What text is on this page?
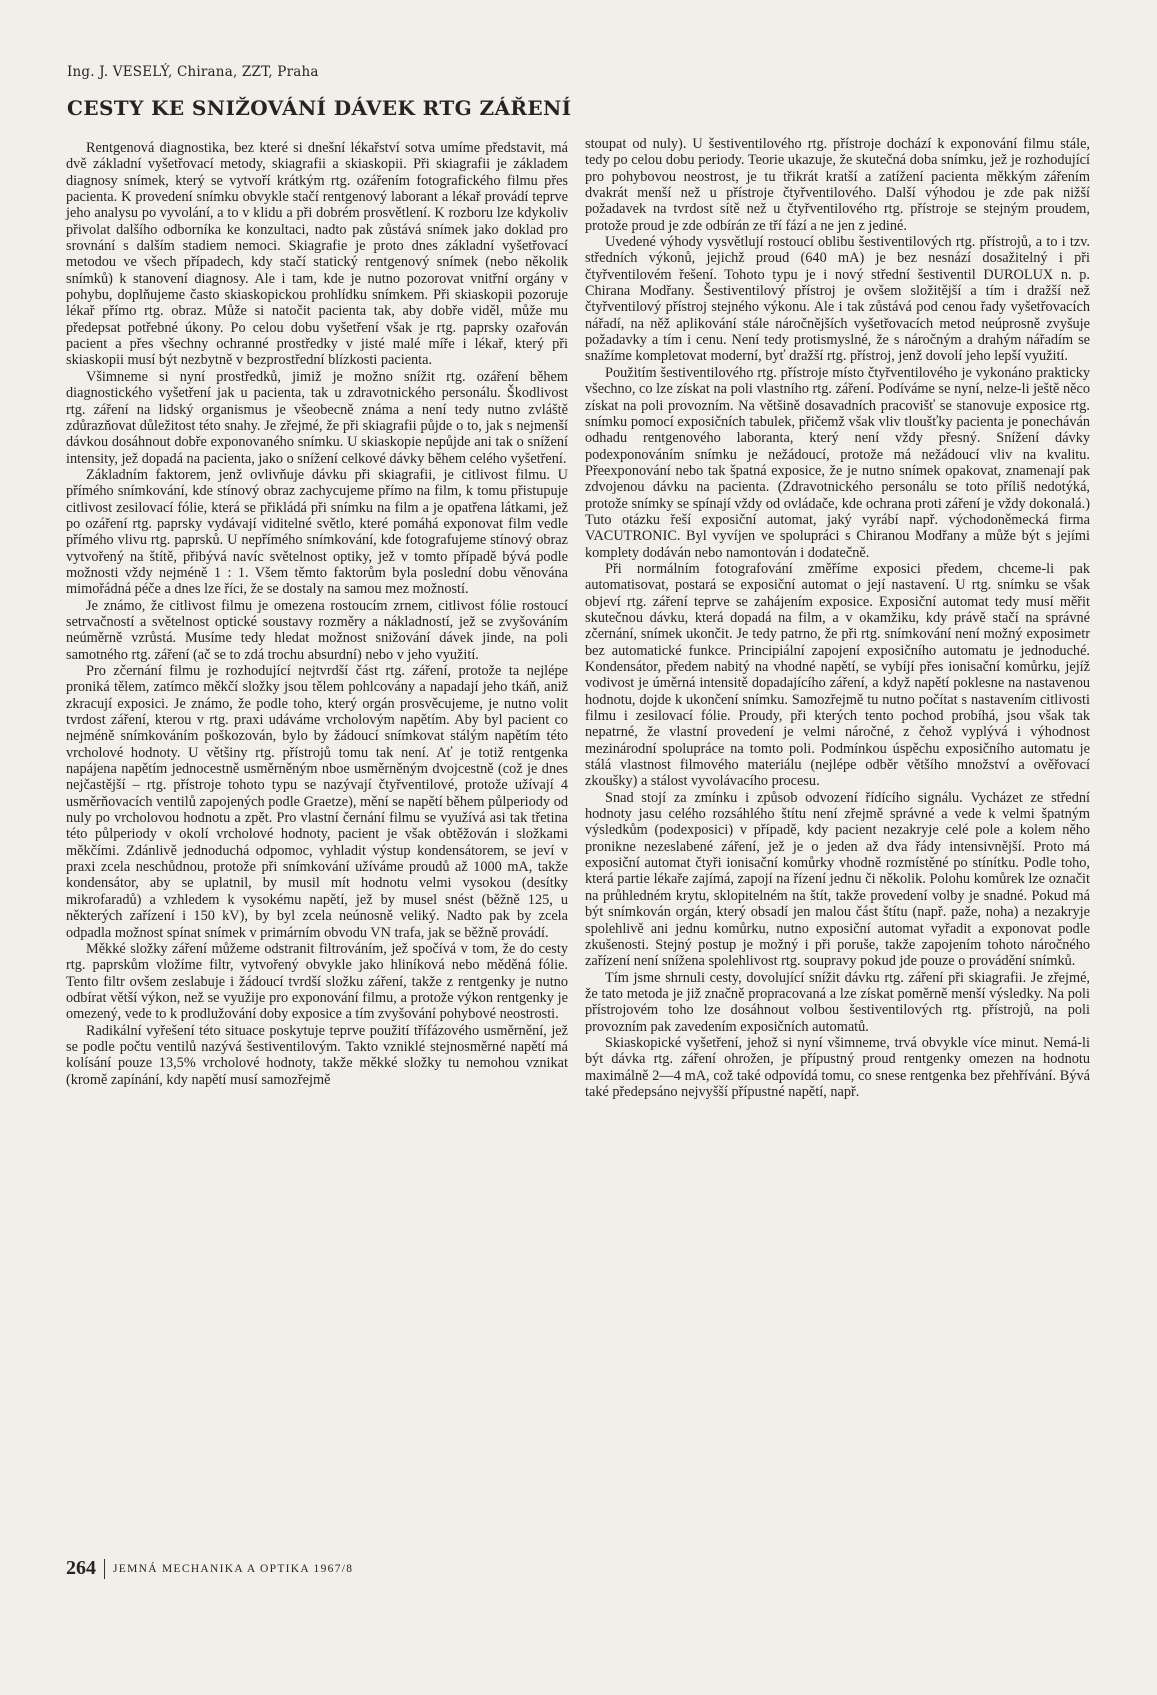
Ing. J. VESELÝ, Chirana, ZZT, Praha
CESTY KE SNIŽOVÁNÍ DÁVEK RTG ZÁŘENÍ

Rentgenová diagnostika, bez které si dnešní lékařství sotva umíme představit, má dvě základní vyšetřovací metody, skiagrafii a skiaskopii. Při skiagrafii je základem diagnosy snímek, který se vytvoří krátkým rtg. ozářením fotografického filmu přes pacienta. K provedení snímku obvykle stačí rentgenový laborant a lékař provádí teprve jeho analysu po vyvolání, a to v klidu a při dobrém prosvětlení. K rozboru lze kdykoliv přivolat dalšího odborníka ke konzultaci, nadto pak zůstává snímek jako doklad pro srovnání s dalším stadiem nemoci. Skiagrafie je proto dnes základní vyšetřovací metodou ve všech případech, kdy stačí statický rentgenový snímek (nebo několik snímků) k stanovení diagnosy. Ale i tam, kde je nutno pozorovat vnitřní orgány v pohybu, doplňujeme často skiaskopickou prohlídku snímkem. Při skiaskopii pozoruje lékař přímo rtg. obraz. Může si natočit pacienta tak, aby dobře viděl, může mu předepsat potřebné úkony. Po celou dobu vyšetření však je rtg. paprsky ozařován pacient a přes všechny ochranné prostředky v jisté malé míře i lékař, který při skiaskopii musí být nezbytně v bezprostřední blízkosti pacienta.

Všimneme si nyní prostředků, jimiž je možno snížit rtg. ozáření během diagnostického vyšetření jak u pacienta, tak u zdravotnického personálu. Škodlivost rtg. záření na lidský organismus je všeobecně známa a není tedy nutno zvláště zdůrazňovat důležitost této snahy. Je zřejmé, že při skiagrafii půjde o to, jak s nejmenší dávkou dosáhnout dobře exponovaného snímku. U skiaskopie nepůjde ani tak o snížení intensity, jež dopadá na pacienta, jako o snížení celkové dávky během celého vyšetření.

Základním faktorem, jenž ovlivňuje dávku při skiagrafii, je citlivost filmu. U přímého snímkování, kde stínový obraz zachycujeme přímo na film, k tomu přistupuje citlivost zesilovací fólie, která se přikládá při snímku na film a je opatřena látkami, jež po ozáření rtg. paprsky vydávají viditelné světlo, které pomáhá exponovat film vedle přímého vlivu rtg. paprsků. U nepřímého snímkování, kde fotografujeme stínový obraz vytvořený na štítě, přibývá navíc světelnost optiky, jež v tomto případě bývá podle možnosti vždy nejméně 1 : 1. Všem těmto faktorům byla poslední dobu věnována mimořádná péče a dnes lze říci, že se dostaly na samou mez možností.

Je známo, že citlivost filmu je omezena rostoucím zrnem, citlivost fólie rostoucí setrvačností a světelnost optické soustavy rozměry a nákladností, jež se zvyšováním neúměrně vzrůstá. Musíme tedy hledat možnost snižování dávek jinde, na poli samotného rtg. záření (ač se to zdá trochu absurdní) nebo v jeho využití.

Pro zčernání filmu je rozhodující nejtvrdší část rtg. záření, protože ta nejlépe proniká tělem, zatímco měkčí složky jsou tělem pohlcovány a napadají jeho tkáň, aniž zkracují exposici. Je známo, že podle toho, který orgán prosvěcujeme, je nutno volit tvrdost záření, kterou v rtg. praxi udáváme vrcholovým napětím. Aby byl pacient co nejméně snímkováním poškozován, bylo by žádoucí snímkovat stálým napětím této vrcholové hodnoty. U většiny rtg. přístrojů tomu tak není. Ať je totiž rentgenka napájena napětím jednocestně usměrněným nboe usměrněným dvojcestně (což je dnes nejčastější – rtg. přístroje tohoto typu se nazývají čtyřventilové, protože užívají 4 usměrňovacích ventilů zapojených podle Graetze), mění se napětí během půlperiody od nuly po vrcholovou hodnotu a zpět. Pro vlastní černání filmu se využívá asi tak třetina této půlperiody v okolí vrcholové hodnoty, pacient je však obtěžován i složkami měkčími. Zdánlivě jednoduchá odpomoc, vyhladit výstup kondensátorem, se jeví v praxi zcela neschůdnou, protože při snímkování užíváme proudů až 1000 mA, takže kondensátor, aby se uplatnil, by musil mít hodnotu velmi vysokou (desítky mikrofaradů) a vzhledem k vysokému napětí, jež by musel snést (běžně 125, u některých zařízení i 150 kV), by byl zcela neúnosně veliký. Nadto pak by zcela odpadla možnost spínat snímek v primárním obvodu VN trafa, jak se běžně provádí.

Měkké složky záření můžeme odstranit filtrováním, jež spočívá v tom, že do cesty rtg. paprskům vložíme filtr, vytvořený obvykle jako hliníková nebo měděná fólie. Tento filtr ovšem zeslabuje i žádoucí tvrdší složku záření, takže z rentgenky je nutno odbírat větší výkon, než se využije pro exponování filmu, a protože výkon rentgenky je omezený, vede to k prodlužování doby exposice a tím zvyšování pohybové neostrosti.

Radikální vyřešení této situace poskytuje teprve použití třífázového usměrnění, jež se podle počtu ventilů nazývá šestiventilovým. Takto vzniklé stejnosměrné napětí má kolísání pouze 13,5% vrcholové hodnoty, takže měkké složky tu nemohou vznikat (kromě zapínání, kdy napětí musí samozřejmě

stoupat od nuly). U šestiventilového rtg. přístroje dochází k exponování filmu stále, tedy po celou dobu periody. Teorie ukazuje, že skutečná doba snímku, jež je rozhodující pro pohybovou neostrost, je tu třikrát kratší a zatížení pacienta měkkým zářením dvakrát menší než u přístroje čtyřventilového. Další výhodou je zde pak nižší požadavek na tvrdost sítě než u čtyřventilového rtg. přístroje se stejným proudem, protože proud je zde odbírán ze tří fází a ne jen z jediné.

Uvedené výhody vysvětlují rostoucí oblibu šestiventilových rtg. přístrojů, a to i tzv. středních výkonů, jejichž proud (640 mA) je bez nesnází dosažitelný i při čtyřventilovém řešení. Tohoto typu je i nový střední šestiventil DUROLUX n. p. Chirana Modřany. Šestiventilový přístroj je ovšem složitější a tím i dražší než čtyřventilový přístroj stejného výkonu. Ale i tak zůstává pod cenou řady vyšetřovacích nářadí, na něž aplikování stále náročnějších vyšetřovacích metod neúprosně zvyšuje požadavky a tím i cenu. Není tedy protismyslné, že s náročným a drahým nářadím se snažíme kompletovat moderní, byť dražší rtg. přístroj, jenž dovolí jeho lepší využití.

Použitím šestiventilového rtg. přístroje místo čtyřventilového je vykonáno prakticky všechno, co lze získat na poli vlastního rtg. záření. Podíváme se nyní, nelze-li ještě něco získat na poli provozním. Na většině dosavadních pracovišť se stanovuje exposice rtg. snímku pomocí exposičních tabulek, přičemž však vliv tloušťky pacienta je ponecháván odhadu rentgenového laboranta, který není vždy přesný. Snížení dávky podexponováním snímku je nežádoucí, protože má nežádoucí vliv na kvalitu. Přeexponování nebo tak špatná exposice, že je nutno snímek opakovat, znamenají pak zdvojenou dávku na pacienta. (Zdravotnického personálu se toto příliš nedotýká, protože snímky se spínají vždy od ovládače, kde ochrana proti záření je vždy dokonalá.) Tuto otázku řeší exposiční automat, jaký vyrábí např. východoněmecká firma VACUTRONIC. Byl vyvíjen ve spolupráci s Chiranou Modřany a může být s jejími komplety dodáván nebo namontován i dodatečně.

Při normálním fotografování změříme exposici předem, chceme-li pak automatisovat, postará se exposiční automat o její nastavení. U rtg. snímku se však objeví rtg. záření teprve se zahájením exposice. Exposiční automat tedy musí měřit skutečnou dávku, která dopadá na film, a v okamžiku, kdy právě stačí na správné zčernání, snímek ukončit. Je tedy patrno, že při rtg. snímkování není možný exposimetr bez automatické funkce. Principiální zapojení exposičního automatu je jednoduché. Kondensátor, předem nabitý na vhodné napětí, se vybíjí přes ionisační komůrku, jejíž vodivost je úměrná intensitě dopadajícího záření, a když napětí poklesne na nastavenou hodnotu, dojde k ukončení snímku. Samozřejmě tu nutno počítat s nastavením citlivosti filmu i zesilovací fólie. Proudy, při kterých tento pochod probíhá, jsou však tak nepatrné, že vlastní provedení je velmi náročné, z čehož vyplývá i výhodnost mezinárodní spolupráce na tomto poli. Podmínkou úspěchu exposičního automatu je stálá vlastnost filmového materiálu (nejlépe odběr většího množství a ověřovací zkoušky) a stálost vyvolávacího procesu.

Snad stojí za zmínku i způsob odvození řídícího signálu. Vycházet ze střední hodnoty jasu celého rozsáhlého štítu není zřejmě správné a vede k velmi špatným výsledkům (podexposici) v případě, kdy pacient nezakryje celé pole a kolem něho pronikne nezeslabené záření, jež je o jeden až dva řády intensivnější. Proto má exposiční automat čtyři ionisační komůrky vhodně rozmístěné po stínítku. Podle toho, která partie lékaře zajímá, zapojí na řízení jednu či několik. Polohu komůrek lze označit na průhledném krytu, sklopitelném na štít, takže provedení volby je snadné. Pokud má být snímkován orgán, který obsadí jen malou část štítu (např. paže, noha) a nezakryje spolehlivě ani jednu komůrku, nutno exposiční automat vyřadit a exponovat podle zkušenosti. Stejný postup je možný i při poruše, takže zapojením tohoto náročného zařízení není snížena spolehlivost rtg. soupravy pokud jde pouze o provádění snímků.

Tím jsme shrnuli cesty, dovolující snížit dávku rtg. záření při skiagrafii. Je zřejmé, že tato metoda je již značně propracovaná a lze získat poměrně menší výsledky. Na poli přístrojovém toho lze dosáhnout volbou šestiventilových rtg. přístrojů, na poli provozním pak zavedením exposičních automatů.

Skiaskopické vyšetření, jehož si nyní všimneme, trvá obvykle více minut. Nemá-li být dávka rtg. záření ohrožen, je přípustný proud rentgenky omezen na hodnotu maximálně 2—4 mA, což také odpovídá tomu, co snese rentgenka bez přehřívání. Bývá také předepsáno nejvyšší přípustné napětí, např.

264	JEMNÁ MECHANIKA A OPTIKA 1967/8
